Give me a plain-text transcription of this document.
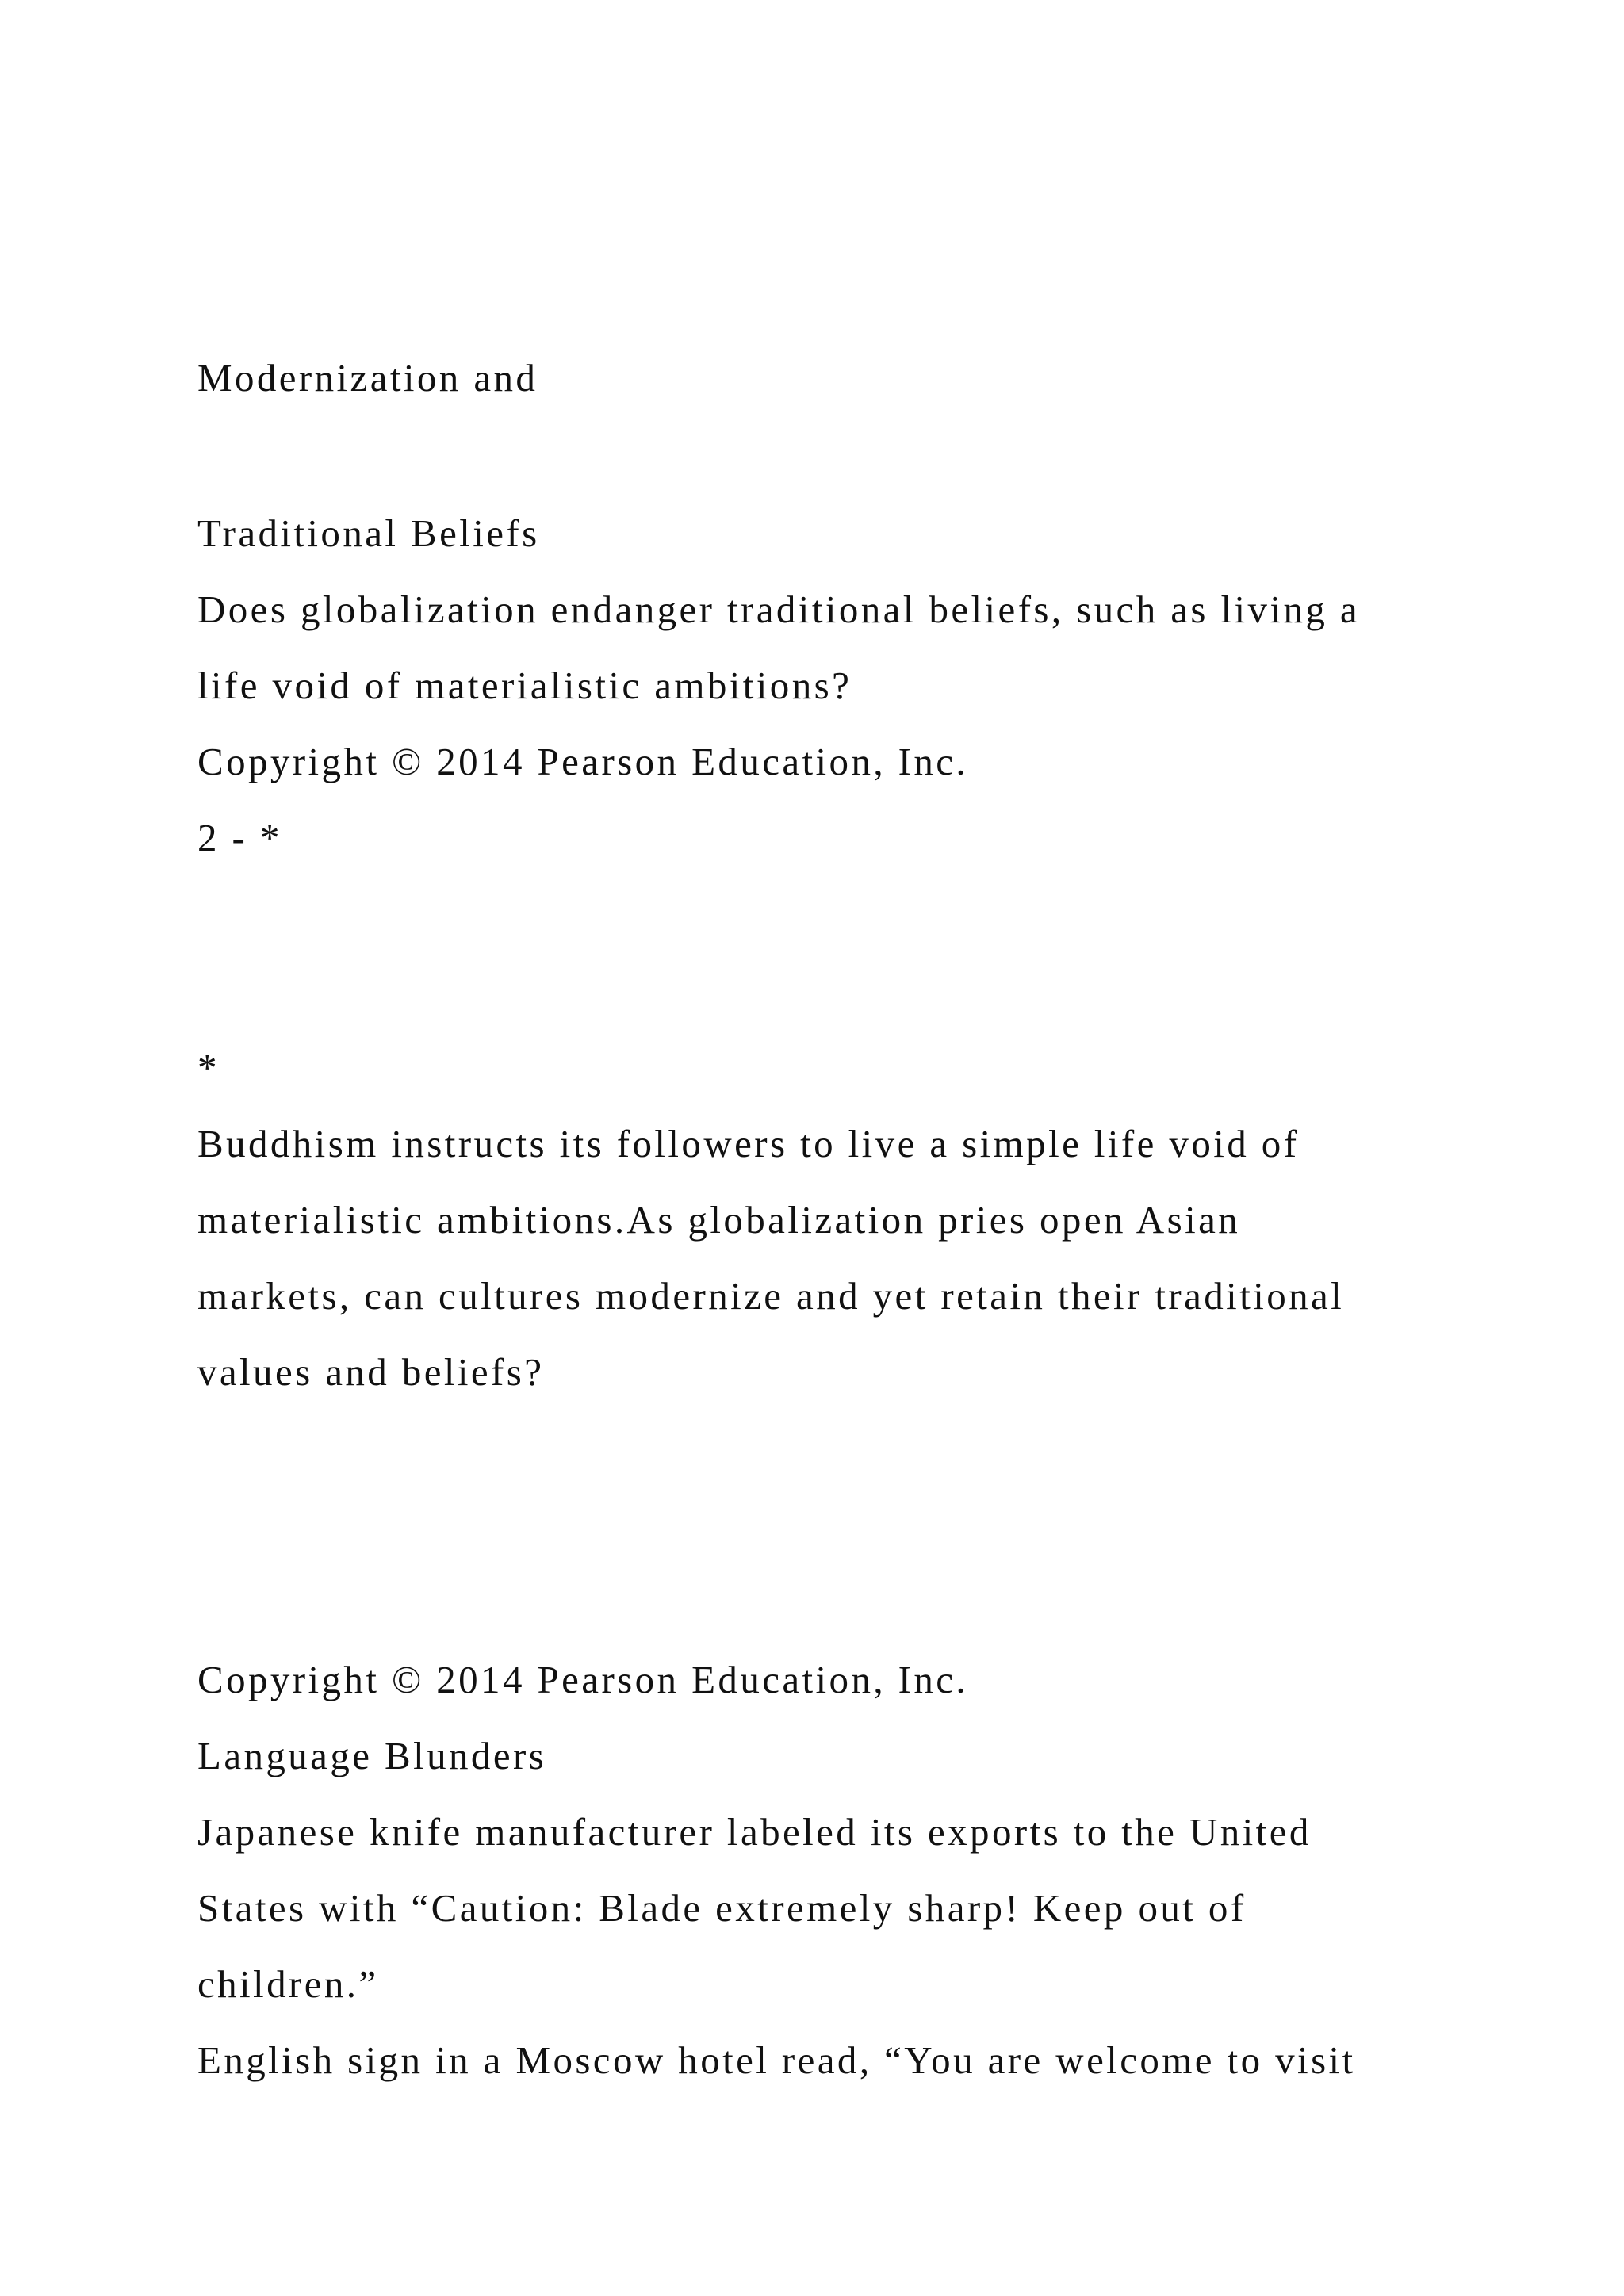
Modernization and

Traditional Beliefs

Does globalization endanger traditional beliefs, such as living a

life void of materialistic ambitions?

Copyright © 2014 Pearson Education, Inc.

2 - *

*

Buddhism instructs its followers to live a simple life void of

materialistic ambitions.As globalization pries open Asian

markets, can cultures modernize and yet retain their traditional

values and beliefs?

Copyright © 2014 Pearson Education, Inc.

Language Blunders

Japanese knife manufacturer labeled its exports to the United

States with “Caution: Blade extremely sharp! Keep out of

children.”

English sign in a Moscow hotel read, “You are welcome to visit
